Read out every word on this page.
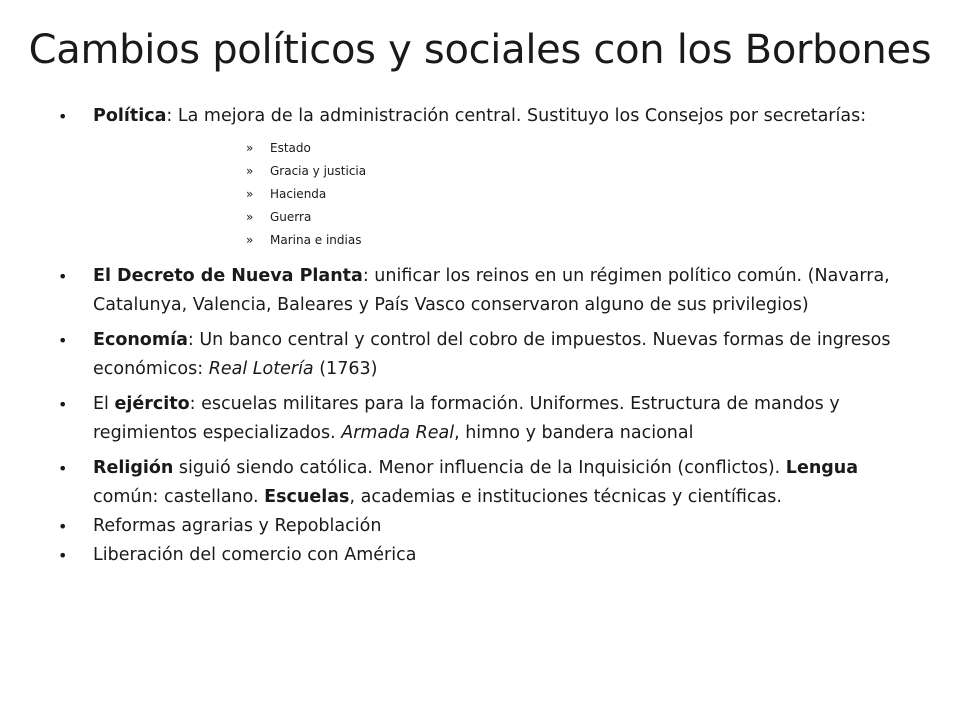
Cambios políticos y sociales con los Borbones
• Política: La mejora de la administración central. Sustituyo los Consejos por secretarías:
» Estado
» Gracia y justicia
» Hacienda
» Guerra
» Marina e indias
• El Decreto de Nueva Planta: unificar los reinos en un régimen político común. (Navarra, Catalunya, Valencia, Baleares y País Vasco conservaron alguno de sus privilegios)
• Economía: Un banco central y control del cobro de impuestos. Nuevas formas de ingresos económicos: Real Lotería (1763)
• El ejército: escuelas militares para la formación. Uniformes. Estructura de mandos y regimientos especializados. Armada Real, himno y bandera nacional
• Religión siguió siendo católica. Menor influencia de la Inquisición (conflictos). Lengua común: castellano. Escuelas, academias e instituciones técnicas y científicas.
• Reformas agrarias y Repoblación
• Liberación del comercio con América
